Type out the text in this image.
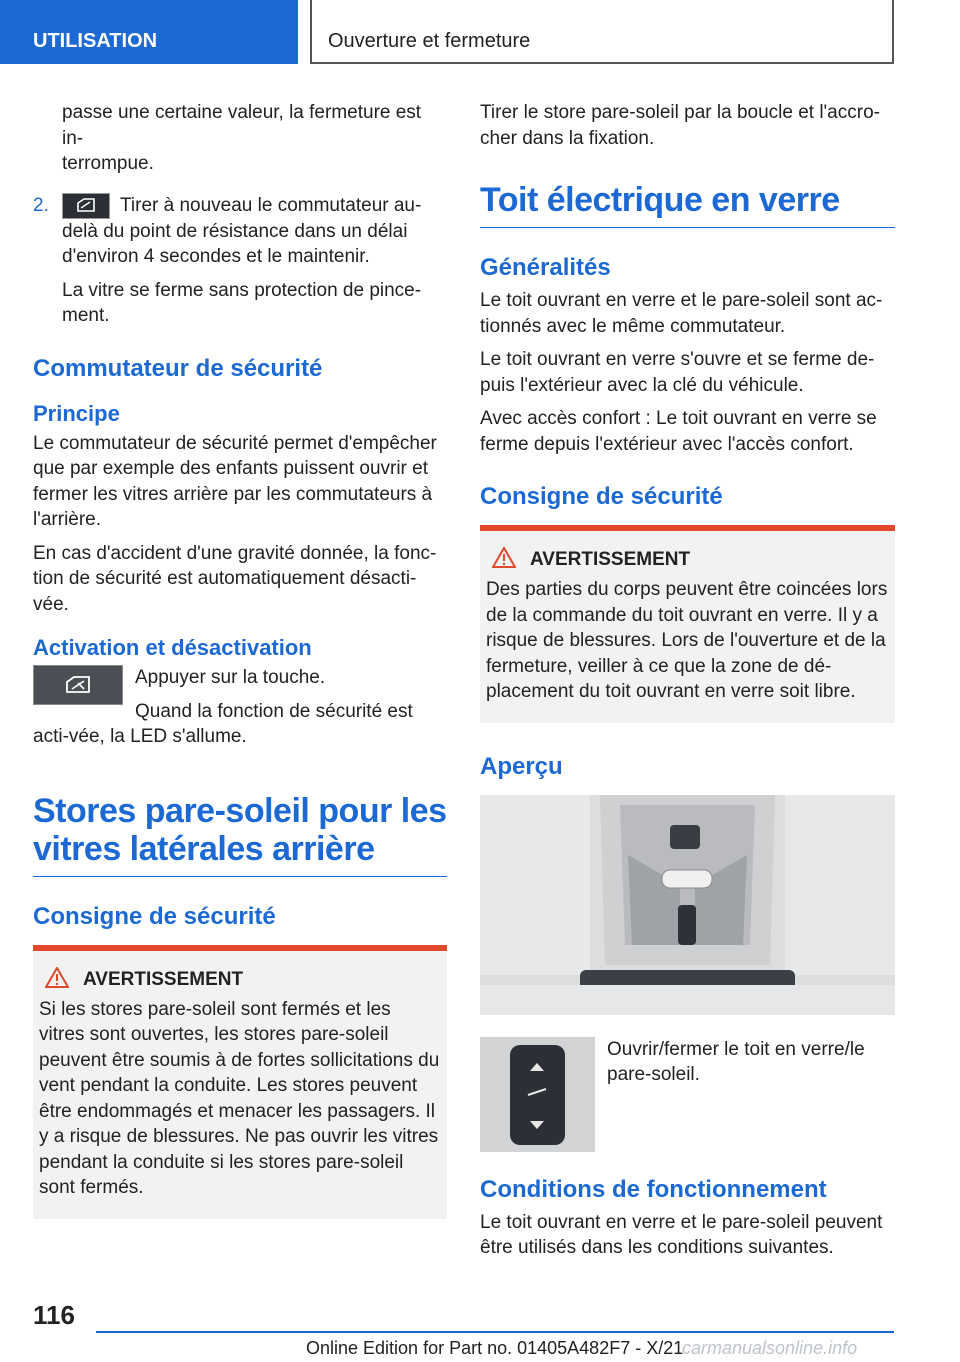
UTILISATION	Ouverture et fermeture

passe une certaine valeur, la fermeture est in-
terrompue.

2.	Tirer à nouveau le commutateur au-delà du point de résistance dans un délai d'environ 4 secondes et le maintenir.

La vitre se ferme sans protection de pince-ment.

Commutateur de sécurité
Principe

Le commutateur de sécurité permet d'empêcher que par exemple des enfants puissent ouvrir et fermer les vitres arrière par les commutateurs à l'arrière.

En cas d'accident d'une gravité donnée, la fonc-tion de sécurité est automatiquement désacti-vée.

Activation et désactivation

Appuyer sur la touche.

Quand la fonction de sécurité est acti-vée, la LED s'allume.

Stores pare-soleil pour les vitres latérales arrière
Consigne de sécurité
AVERTISSEMENT

Si les stores pare-soleil sont fermés et les vitres sont ouvertes, les stores pare-soleil peuvent être soumis à de fortes sollicitations du vent pendant la conduite. Les stores peuvent être endommagés et menacer les passagers. Il y a risque de blessures. Ne pas ouvrir les vitres pendant la conduite si les stores pare-soleil sont fermés.

Tirer le store pare-soleil par la boucle et l'accro-cher dans la fixation.

Toit électrique en verre
Généralités

Le toit ouvrant en verre et le pare-soleil sont ac-tionnés avec le même commutateur.

Le toit ouvrant en verre s'ouvre et se ferme de-puis l'extérieur avec la clé du véhicule.

Avec accès confort : Le toit ouvrant en verre se ferme depuis l'extérieur avec l'accès confort.

Consigne de sécurité
AVERTISSEMENT

Des parties du corps peuvent être coincées lors de la commande du toit ouvrant en verre. Il y a risque de blessures. Lors de l'ouverture et de la fermeture, veiller à ce que la zone de dé-placement du toit ouvrant en verre soit libre.

Aperçu

Ouvrir/fermer le toit en verre/le pare-soleil.

Conditions de fonctionnement

Le toit ouvrant en verre et le pare-soleil peuvent être utilisés dans les conditions suivantes.

116
Online Edition for Part no. 01405A482F7 - X/21
carmanualsonline.info
